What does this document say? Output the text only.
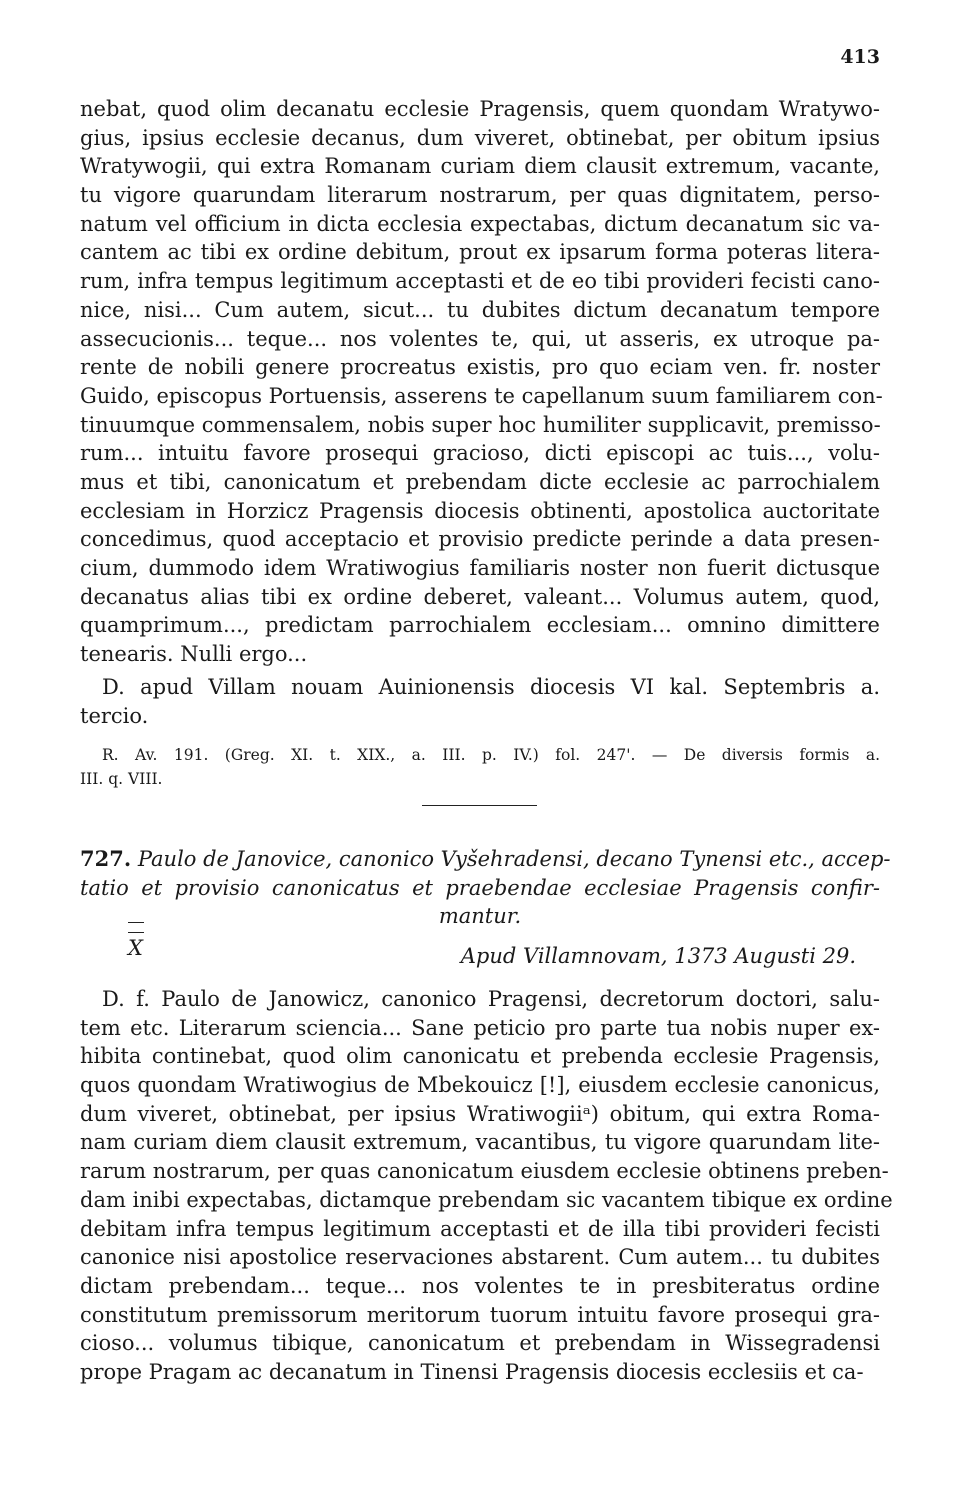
413
nebat, quod olim decanatu ecclesie Pragensis, quem quondam Wratywo-
gius, ipsius ecclesie decanus, dum viveret, obtinebat, per obitum ipsius
Wratywogii, qui extra Romanam curiam diem clausit extremum, vacante,
tu vigore quarundam literarum nostrarum, per quas dignitatem, perso-
natum vel officium in dicta ecclesia expectabas, dictum decanatum sic va-
cantem ac tibi ex ordine debitum, prout ex ipsarum forma poteras litera-
rum, infra tempus legitimum acceptasti et de eo tibi provideri fecisti cano-
nice, nisi... Cum autem, sicut... tu dubites dictum decanatum tempore
assecucionis... teque... nos volentes te, qui, ut asseris, ex utroque pa-
rente de nobili genere procreatus existis, pro quo eciam ven. fr. noster
Guido, episcopus Portuensis, asserens te capellanum suum familiarem con-
tinuumque commensalem, nobis super hoc humiliter supplicavit, premisso-
rum... intuitu favore prosequi gracioso, dicti episcopi ac tuis..., volu-
mus et tibi, canonicatum et prebendam dicte ecclesie ac parrochialem
ecclesiam in Horzicz Pragensis diocesis obtinenti, apostolica auctoritate
concedimus, quod acceptacio et provisio predicte perinde a data presen-
cium, dummodo idem Wratiwogius familiaris noster non fuerit dictusque
decanatus alias tibi ex ordine deberet, valeant... Volumus autem, quod,
quamprimum..., predictam parrochialem ecclesiam... omnino dimittere
tenearis. Nulli ergo...
D. apud Villam nouam Auinionensis diocesis VI kal. Septembris a.
tercio.
R. Av. 191. (Greg. XI. t. XIX., a. III. p. IV.) fol. 247'. — De diversis formis a.
III. q. VIII.
727. Paulo de Janovice, canonico Vyšehradensi, decano Tynensi etc., accep-
tatio et provisio canonicatus et praebendae ecclesiae Pragensis confir-
mantur.
X	Apud Villamnovam, 1373 Augusti 29.
D. f. Paulo de Janowicz, canonico Pragensi, decretorum doctori, salu-
tem etc. Literarum sciencia... Sane peticio pro parte tua nobis nuper ex-
hibita continebat, quod olim canonicatu et prebenda ecclesie Pragensis,
quos quondam Wratiwogius de Mbekouicz [!], eiusdem ecclesie canonicus,
dum viveret, obtinebat, per ipsius Wratiwogiiᵃ) obitum, qui extra Roma-
nam curiam diem clausit extremum, vacantibus, tu vigore quarundam lite-
rarum nostrarum, per quas canonicatum eiusdem ecclesie obtinens preben-
dam inibi expectabas, dictamque prebendam sic vacantem tibique ex ordine
debitam infra tempus legitimum acceptasti et de illa tibi provideri fecisti
canonice nisi apostolice reservaciones abstarent. Cum autem... tu dubites
dictam prebendam... teque... nos volentes te in presbiteratus ordine
constitutum premissorum meritorum tuorum intuitu favore prosequi gra-
cioso... volumus tibique, canonicatum et prebendam in Wissegradensi
prope Pragam ac decanatum in Tinensi Pragensis diocesis ecclesiis et ca-
